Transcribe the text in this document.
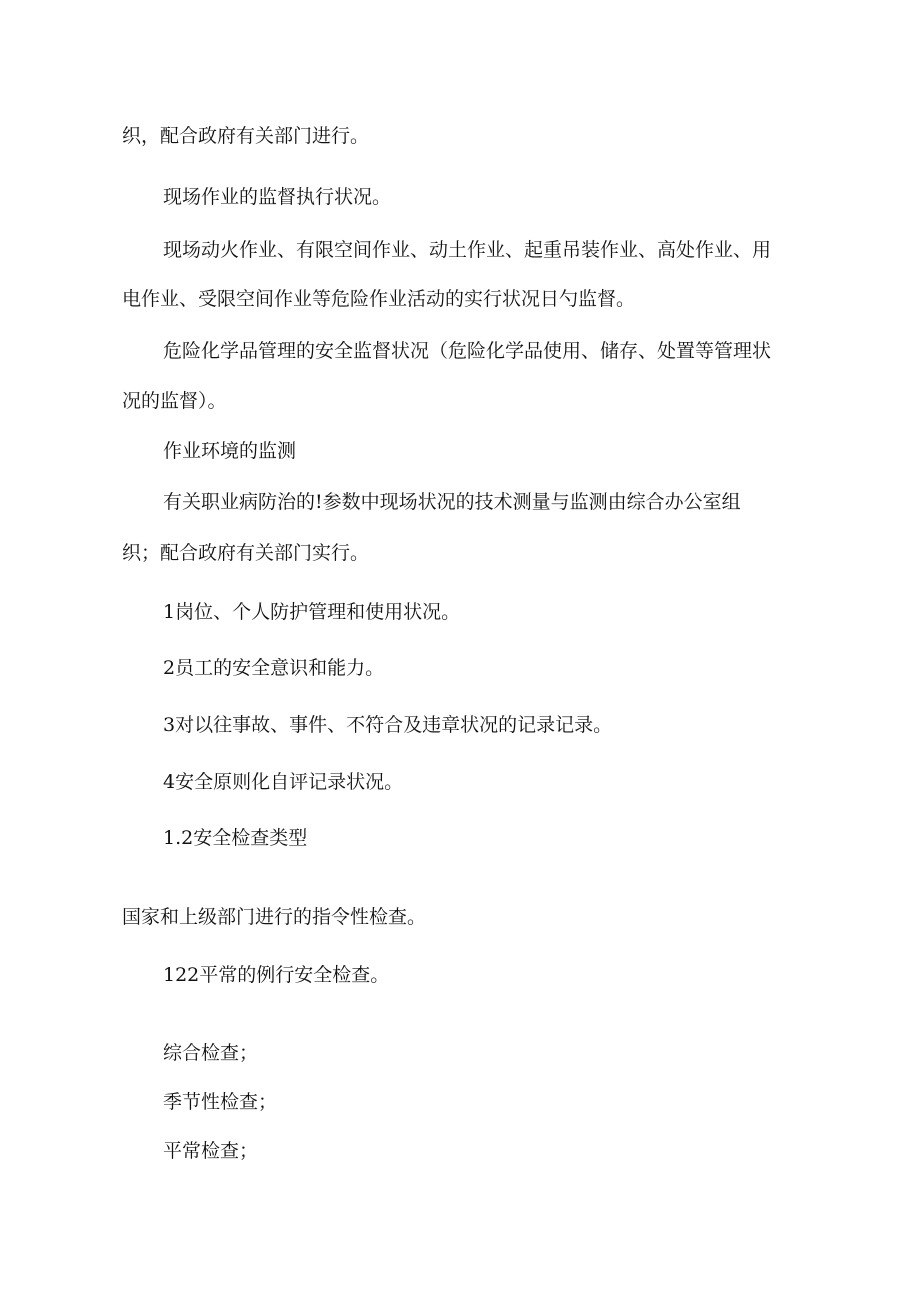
织，配合政府有关部门进行。
现场作业的监督执行状况。
现场动火作业、有限空间作业、动土作业、起重吊装作业、高处作业、用
电作业、受限空间作业等危险作业活动的实行状况日勺监督。
危险化学品管理的安全监督状况（危险化学品使用、储存、处置等管理状
况的监督）。
作业环境的监测
有关职业病防治的!参数中现场状况的技术测量与监测由综合办公室组
织；配合政府有关部门实行。
1岗位、个人防护管理和使用状况。
2员工的安全意识和能力。
3对以往事故、事件、不符合及违章状况的记录记录。
4安全原则化自评记录状况。
1.2安全检查类型
国家和上级部门进行的指令性检查。
122平常的例行安全检查。
综合检查；
季节性检查；
平常检查；
